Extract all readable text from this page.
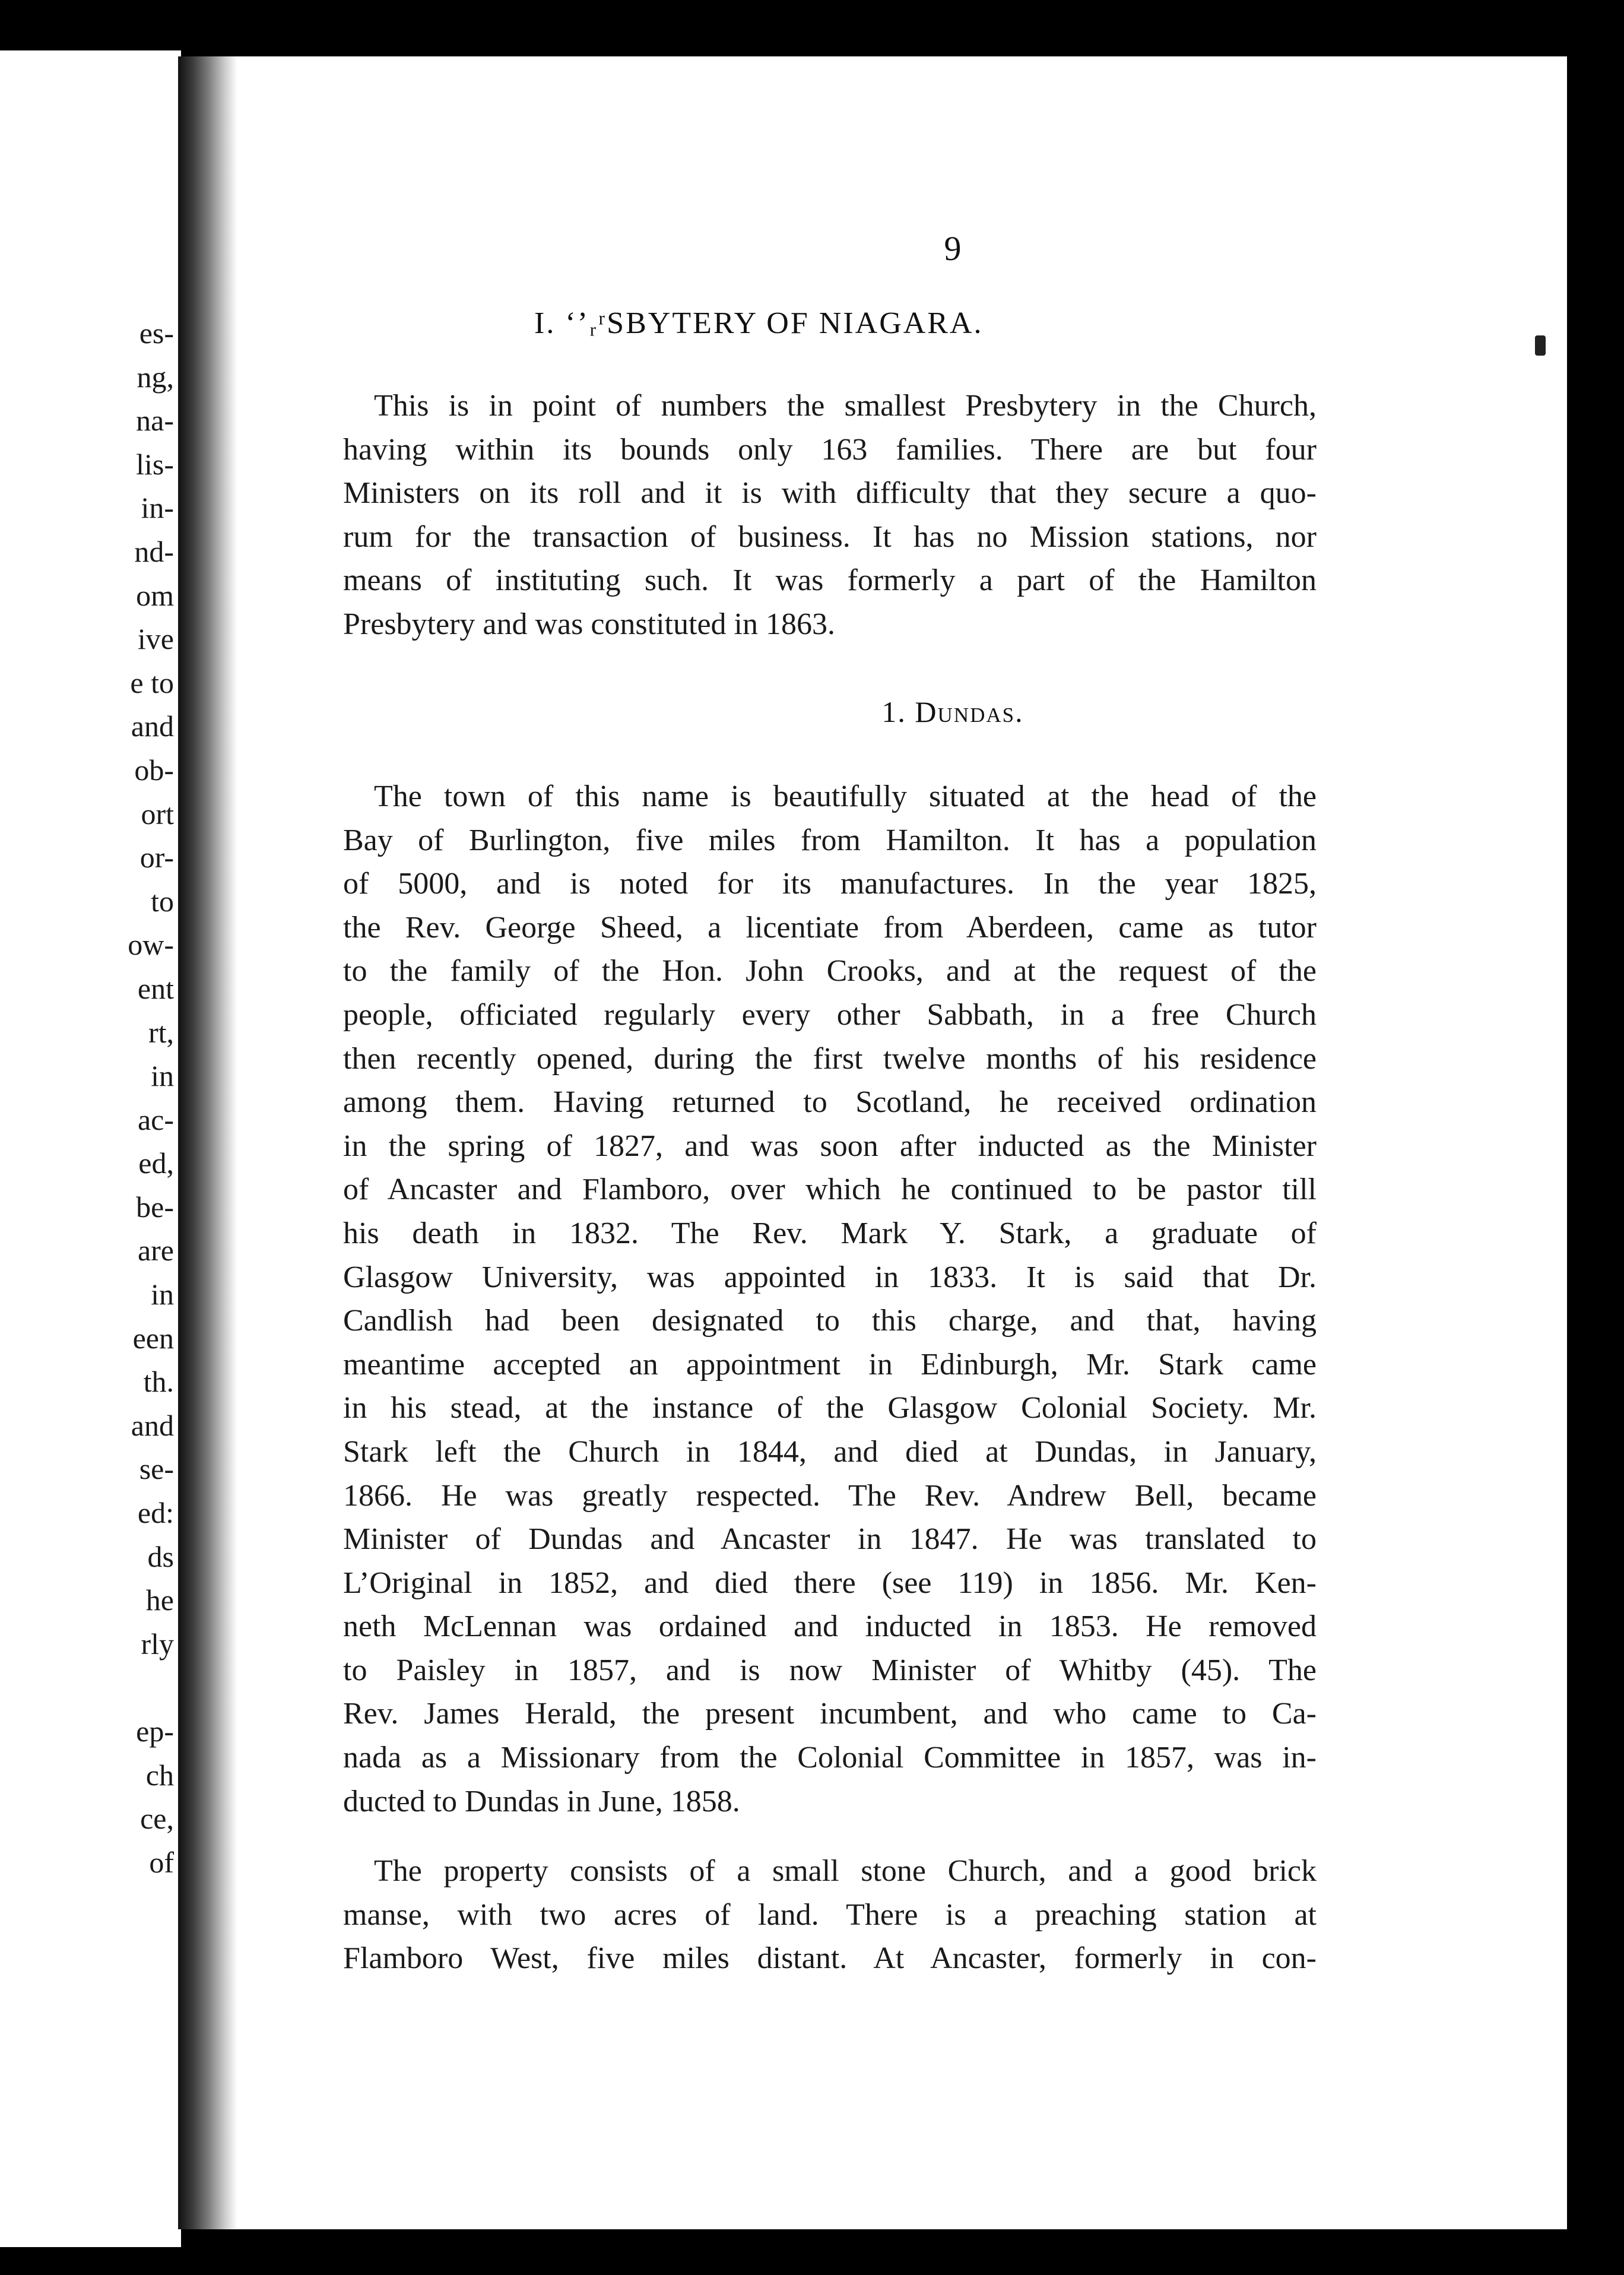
es-
ng,
na-
lis-
in-
nd-
om
ive
e to
and
ob-
ort
or-
to
ow-
ent
rt,
in
ac-
ed,
be-
are
in
een
th.
and
se-
ed:
ds
he
rly
ep-
ch
ce,
of
9
I. ‘’ᵣʳSBYTERY OF NIAGARA.
This is in point of numbers the smallest Presbytery in the Church,
having within its bounds only 163 families. There are but four
Ministers on its roll and it is with difficulty that they secure a quo-
rum for the transaction of business. It has no Mission stations, nor
means of instituting such. It was formerly a part of the Hamilton
Presbytery and was constituted in 1863.
1. Dundas.
The town of this name is beautifully situated at the head of the
Bay of Burlington, five miles from Hamilton. It has a population
of 5000, and is noted for its manufactures. In the year 1825,
the Rev. George Sheed, a licentiate from Aberdeen, came as tutor
to the family of the Hon. John Crooks, and at the request of the
people, officiated regularly every other Sabbath, in a free Church
then recently opened, during the first twelve months of his residence
among them. Having returned to Scotland, he received ordination
in the spring of 1827, and was soon after inducted as the Minister
of Ancaster and Flamboro, over which he continued to be pastor till
his death in 1832. The Rev. Mark Y. Stark, a graduate of
Glasgow University, was appointed in 1833. It is said that Dr.
Candlish had been designated to this charge, and that, having
meantime accepted an appointment in Edinburgh, Mr. Stark came
in his stead, at the instance of the Glasgow Colonial Society. Mr.
Stark left the Church in 1844, and died at Dundas, in January,
1866. He was greatly respected. The Rev. Andrew Bell, became
Minister of Dundas and Ancaster in 1847. He was translated to
L’Original in 1852, and died there (see 119) in 1856. Mr. Ken-
neth McLennan was ordained and inducted in 1853. He removed
to Paisley in 1857, and is now Minister of Whitby (45). The
Rev. James Herald, the present incumbent, and who came to Ca-
nada as a Missionary from the Colonial Committee in 1857, was in-
ducted to Dundas in June, 1858.
The property consists of a small stone Church, and a good brick
manse, with two acres of land. There is a preaching station at
Flamboro West, five miles distant. At Ancaster, formerly in con-
